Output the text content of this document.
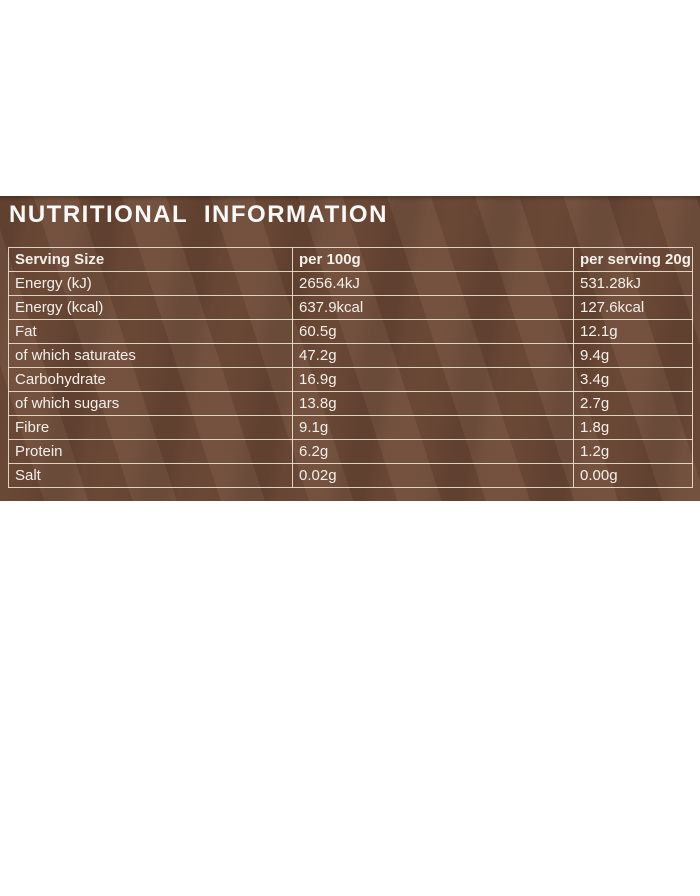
NUTRITIONAL INFORMATION
Serving Size	per 100g	per serving 20g
Energy (kJ)	2656.4kJ	531.28kJ
Energy (kcal)	637.9kcal	127.6kcal
Fat	60.5g	12.1g
of which saturates	47.2g	9.4g
Carbohydrate	16.9g	3.4g
of which sugars	13.8g	2.7g
Fibre	9.1g	1.8g
Protein	6.2g	1.2g
Salt	0.02g	0.00g
